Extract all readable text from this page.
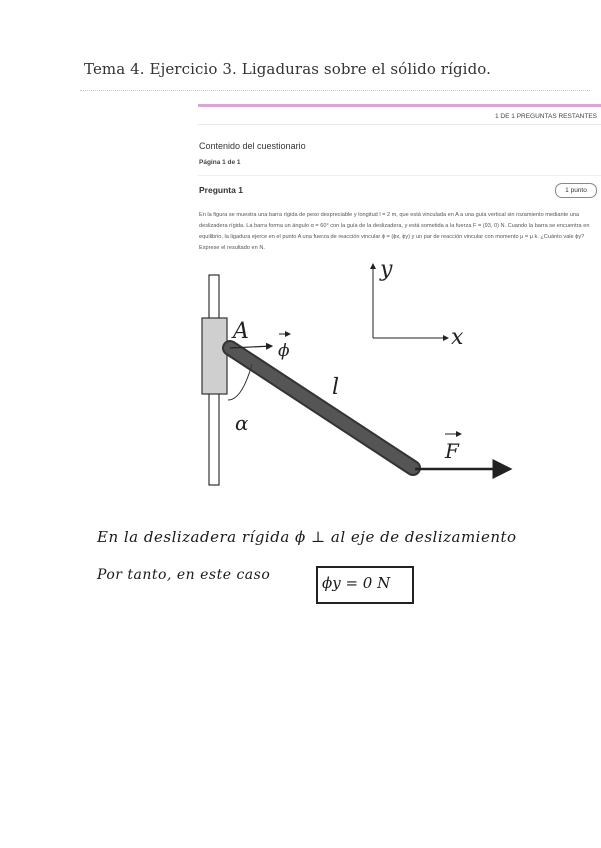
Tema 4. Ejercicio 3. Ligaduras sobre el sólido rígido.
1 DE 1 PREGUNTAS RESTANTES
Contenido del cuestionario
Página 1 de 1
Pregunta 1	1 punto
En la figura se muestra una barra rígida de peso despreciable y longitud l = 2 m, que está vinculada en A a una guía vertical sin rozamiento mediante una deslizadera rígida. La barra forma un ángulo α = 60° con la guía de la deslizadera, y está sometida a la fuerza F = (93, 0) N. Cuando la barra se encuentra en equilibrio, la ligadura ejerce en el punto A una fuerza de reacción vincular ϕ = (ϕx, ϕy) y un par de reacción vincular con momento μ = μ k. ¿Cuánto vale ϕy? Exprese el resultado en N.
A
ϕ
l
α
F
y
x
En la deslizadera rígida ϕ ⊥ al eje de deslizamiento
Por tanto, en este caso	ϕy = 0 N
